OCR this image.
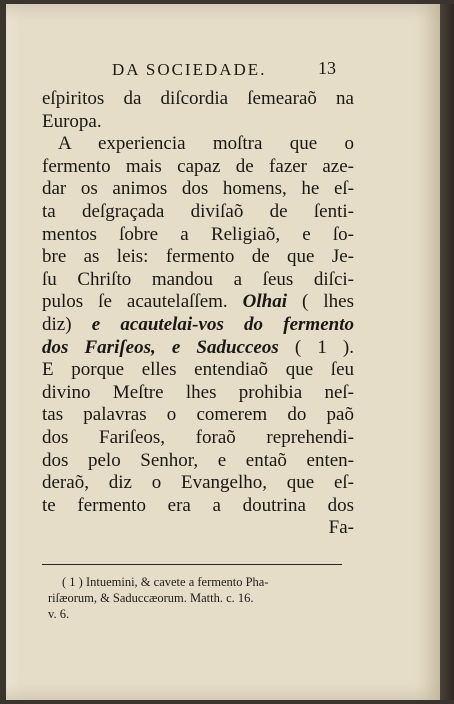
DA SOCIEDADE.	13
eſpiritos da diſcordia ſemearaõ na
Europa.
A experiencia moſtra que o
fermento mais capaz de fazer aze-
dar os animos dos homens, he eſ-
ta deſgraçada diviſaõ de ſenti-
mentos ſobre a Religiaõ, e ſo-
bre as leis: fermento de que Je-
ſu Chriſto mandou a ſeus diſci-
pulos ſe acautelaſſem. Olhai ( lhes
diz) e acautelai-vos do fermento
dos Fariſeos, e Saducceos ( 1 ).
E porque elles entendiaõ que ſeu
divino Meſtre lhes prohibia neſ-
tas palavras o comerem do paõ
dos Fariſeos, foraõ reprehendi-
dos pelo Senhor, e entaõ enten-
deraõ, diz o Evangelho, que eſ-
te fermento era a doutrina dos
Fa-
( 1 ) Intuemini, & cavete a fermento Pha-
riſæorum, & Saduccæorum. Matth. c. 16.
v. 6.
